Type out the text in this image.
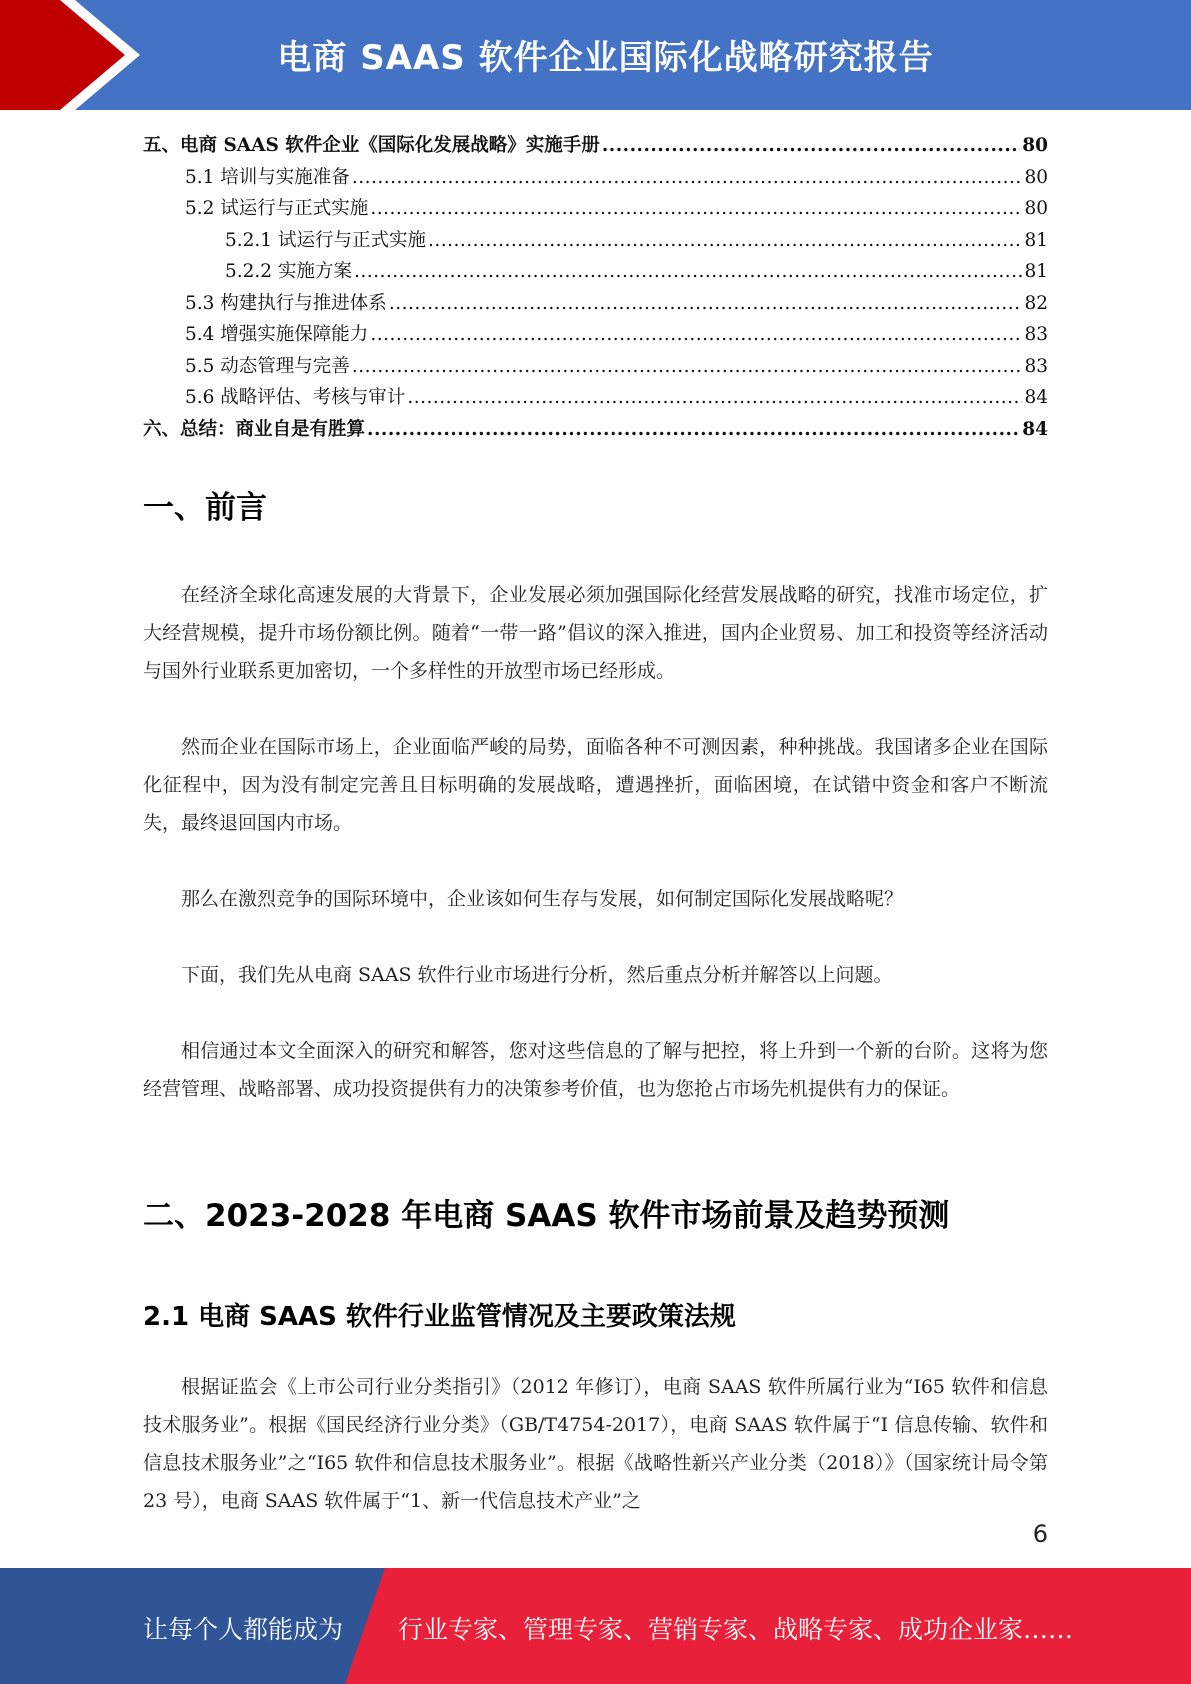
电商 SAAS 软件企业国际化战略研究报告
五、电商 SAAS 软件企业《国际化发展战略》实施手册 .....	80
5.1 培训与实施准备 .....	80
5.2 试运行与正式实施 .....	80
5.2.1 试运行与正式实施 .....	81
5.2.2 实施方案 .....	81
5.3 构建执行与推进体系 .....	82
5.4 增强实施保障能力 .....	83
5.5 动态管理与完善 .....	83
5.6 战略评估、考核与审计 .....	84
六、总结：商业自是有胜算 .....	84
一、前言

在经济全球化高速发展的大背景下，企业发展必须加强国际化经营发展战略的研究，找准市场定位，扩大经营规模，提升市场份额比例。随着“一带一路”倡议的深入推进，国内企业贸易、加工和投资等经济活动与国外行业联系更加密切，一个多样性的开放型市场已经形成。

然而企业在国际市场上，企业面临严峻的局势，面临各种不可测因素，种种挑战。我国诸多企业在国际化征程中，因为没有制定完善且目标明确的发展战略，遭遇挫折，面临困境，在试错中资金和客户不断流失，最终退回国内市场。

那么在激烈竞争的国际环境中，企业该如何生存与发展，如何制定国际化发展战略呢？

下面，我们先从电商 SAAS 软件行业市场进行分析，然后重点分析并解答以上问题。

相信通过本文全面深入的研究和解答，您对这些信息的了解与把控，将上升到一个新的台阶。这将为您经营管理、战略部署、成功投资提供有力的决策参考价值，也为您抢占市场先机提供有力的保证。

二、2023-2028 年电商 SAAS 软件市场前景及趋势预测
2.1 电商 SAAS 软件行业监管情况及主要政策法规

根据证监会《上市公司行业分类指引》（2012 年修订），电商 SAAS 软件所属行业为“I65 软件和信息技术服务业”。根据《国民经济行业分类》（GB/T4754-2017），电商 SAAS 软件属于“I 信息传输、软件和信息技术服务业”之“I65 软件和信息技术服务业”。根据《战略性新兴产业分类（2018）》（国家统计局令第 23 号），电商 SAAS 软件属于“1、新一代信息技术产业”之

6
让每个人都能成为 行业专家、管理专家、营销专家、战略专家、成功企业家……
